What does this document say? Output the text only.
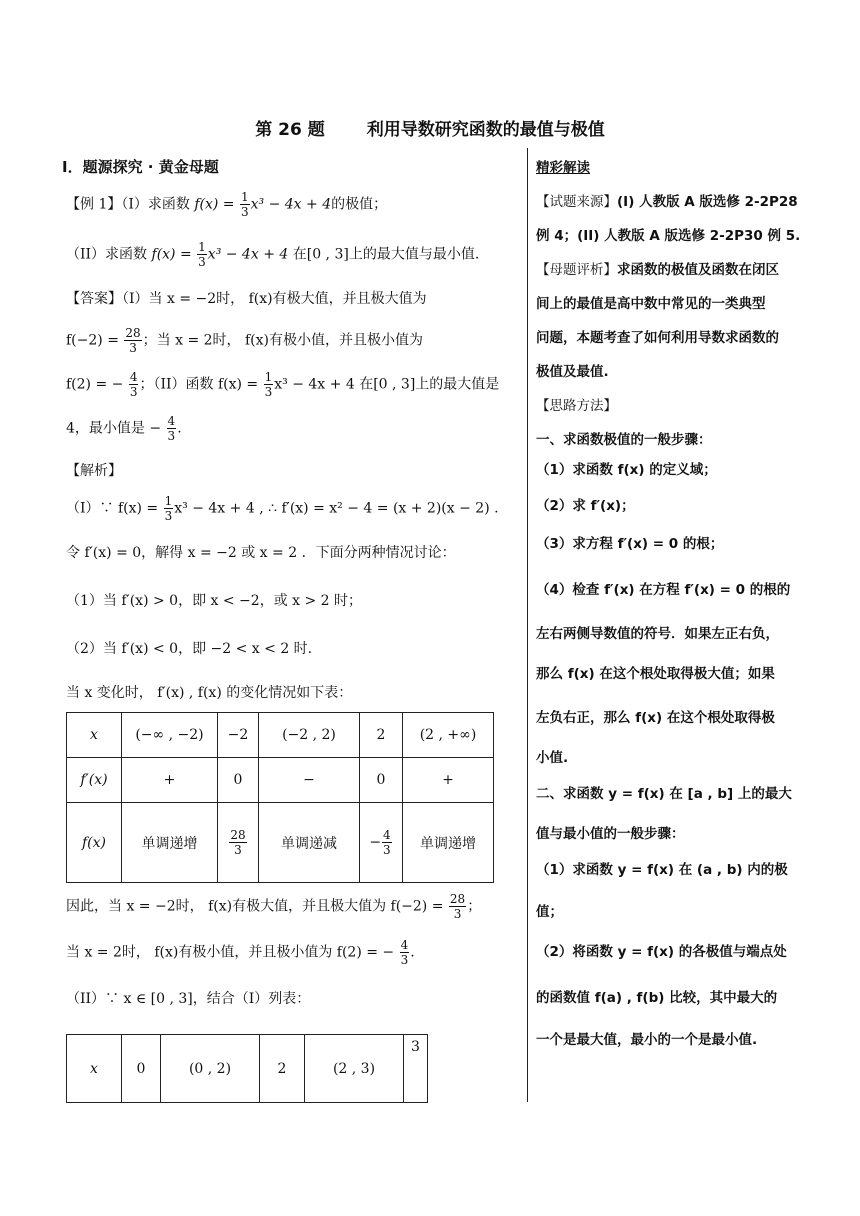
第 26 题 利用导数研究函数的最值与极值
I．题源探究 · 黄金母题
【例 1】（I）求函数 $f(x) = \frac{1}{3} x^3 - 4x + 4$的极值；
（II）求函数 $f(x) = \frac{1}{3} x^3 - 4x + 4$ 在[0 , 3]上的最大值与最小值.
【答案】（I）当 x = −2时， f(x)有极大值，并且极大值为
$f(-2) = \frac{28}{3}$ ；当 x = 2时， f(x)有极小值，并且极小值为
f(2) = − $\frac{4}{3}$ ；（II）函数 $f(x) = \frac{1}{3} x^3 - 4x + 4$ 在[0 , 3]上的最大值是
4，最小值是 − $\frac{4}{3}$ .
【解析】
（I）∵ $f(x) = \frac{1}{3} x^3 - 4x + 4$ , ∴ f′(x) = x² − 4 = (x + 2)(x − 2) .
令 f′(x) = 0，解得 x = −2 或 x = 2 ．下面分两种情况讨论：
（1）当 f′(x) > 0，即 x < −2，或 x > 2 时；
（2）当 f′(x) < 0，即 −2 < x < 2 时.
当 x 变化时， f′(x) , f(x) 的变化情况如下表：
x	(−∞ , −2)	−2	(−2 , 2)	2	(2 , +∞)
f′(x)	+	0	−	0	+
f(x)	单调递增	$\frac{28}{3}$	单调递减	− $\frac{4}{3}$	单调递增
因此，当 x = −2时， f(x)有极大值，并且极大值为 $f(-2) = \frac{28}{3}$ ；
当 x = 2时， f(x)有极小值，并且极小值为 f(2) = − $\frac{4}{3}$ .
（II）∵ x ∈ [0 , 3]，结合（I）列表：
x	0	(0 , 2)	2	(2 , 3)	3
精彩解读
【试题来源】(I) 人教版 A 版选修 2-2P28
例 4；(II) 人教版 A 版选修 2-2P30 例 5.
【母题评析】求函数的极值及函数在闭区
间上的最值是高中数中常见的一类典型
问题，本题考查了如何利用导数求函数的
极值及最值.
【思路方法】
一、求函数极值的一般步骤：
（1）求函数 f(x) 的定义域；
（2）求 f′(x)；
（3）求方程 f′(x) = 0 的根；
（4）检查 f′(x) 在方程 f′(x) = 0 的根的
左右两侧导数值的符号．如果左正右负，
那么 f(x) 在这个根处取得极大值；如果
左负右正，那么 f(x) 在这个根处取得极
小值.
二、求函数 y = f(x) 在 [a , b] 上的最大
值与最小值的一般步骤：
（1）求函数 y = f(x) 在 (a , b) 内的极
值；
（2）将函数 y = f(x) 的各极值与端点处
的函数值 f(a) , f(b) 比较，其中最大的
一个是最大值，最小的一个是最小值.
